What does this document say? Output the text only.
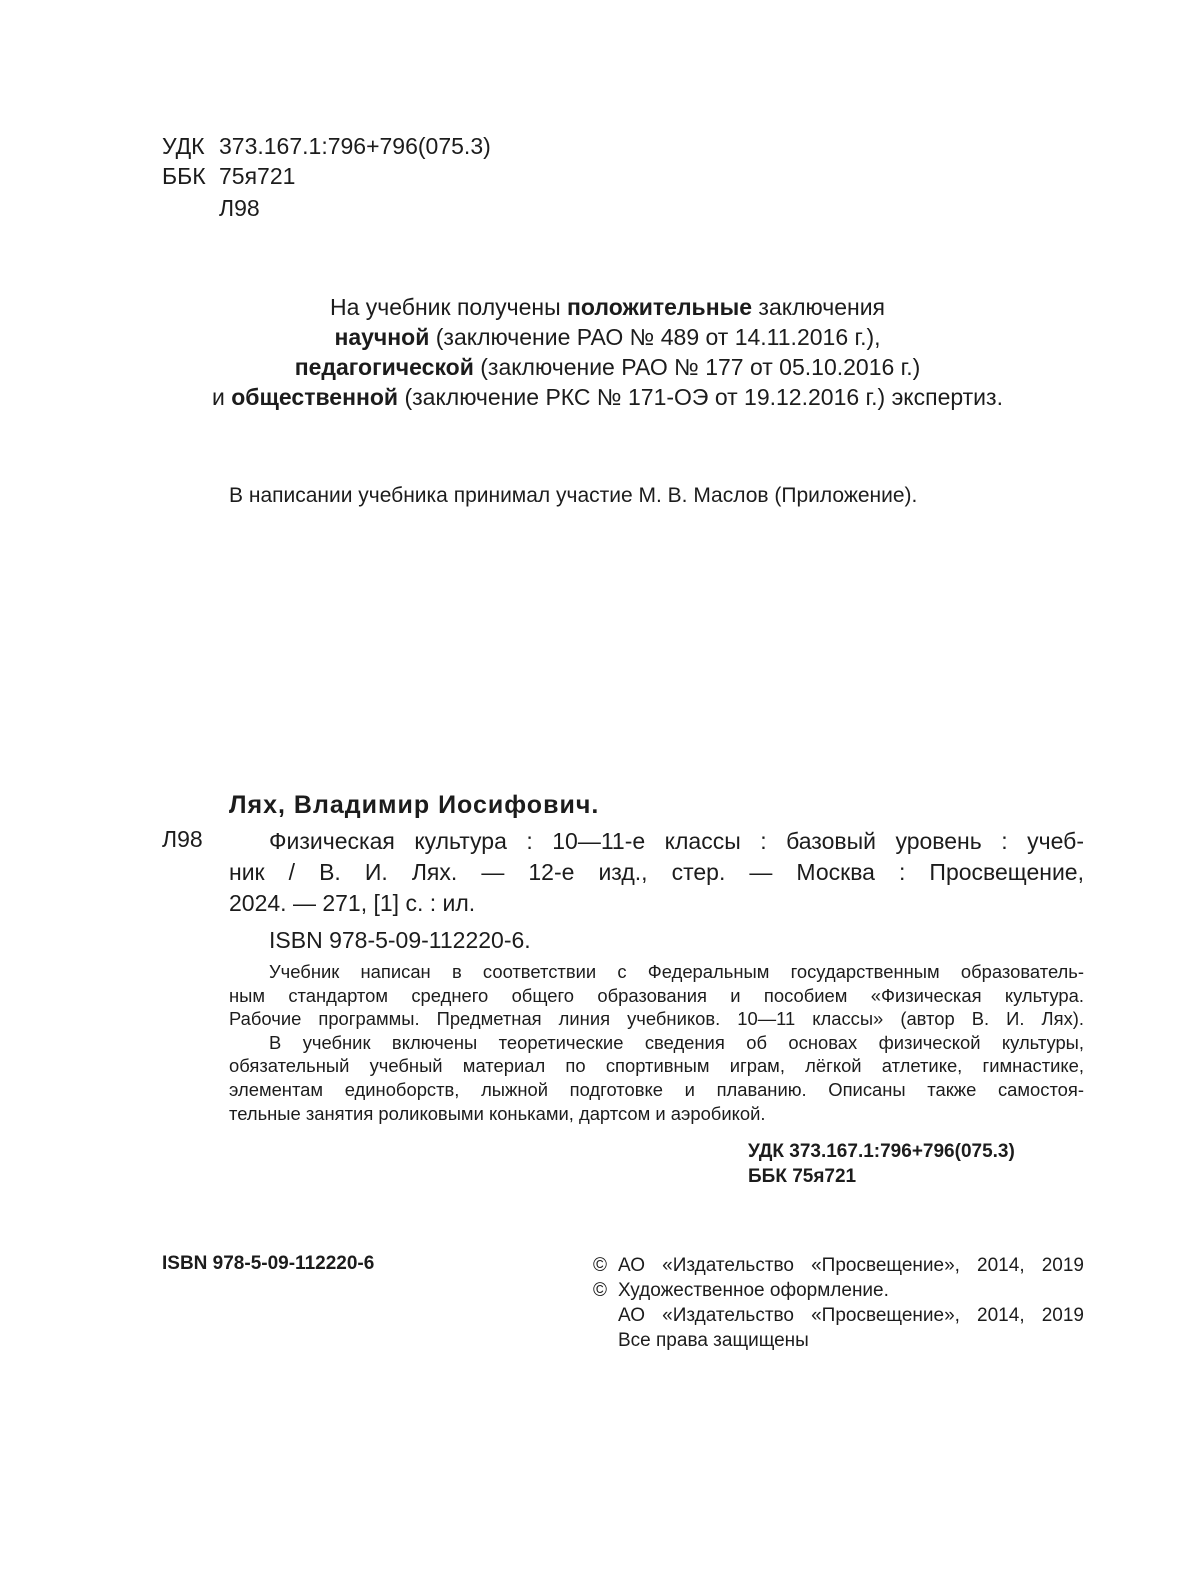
УДК 373.167.1:796+796(075.3)
ББК 75я721
Л98
На учебник получены положительные заключения
научной (заключение РАО № 489 от 14.11.2016 г.),
педагогической (заключение РАО № 177 от 05.10.2016 г.)
и общественной (заключение РКС № 171-ОЭ от 19.12.2016 г.) экспертиз.
В написании учебника принимал участие М. В. Маслов (Приложение).
Лях, Владимир Иосифович.
Л98	Физическая культура : 10—11-е классы : базовый уровень : учеб-
ник / В. И. Лях. — 12-е изд., стер. — Москва : Просвещение,
2024. — 271, [1] с. : ил.
ISBN 978-5-09-112220-6.
Учебник написан в соответствии с Федеральным государственным образователь-
ным стандартом среднего общего образования и пособием «Физическая культура.
Рабочие программы. Предметная линия учебников. 10—11 классы» (автор В. И. Лях).
В учебник включены теоретические сведения об основах физической культуры,
обязательный учебный материал по спортивным играм, лёгкой атлетике, гимнастике,
элементам единоборств, лыжной подготовке и плаванию. Описаны также самостоя-
тельные занятия роликовыми коньками, дартсом и аэробикой.
УДК 373.167.1:796+796(075.3)
ББК 75я721
ISBN 978-5-09-112220-6	© АО «Издательство «Просвещение», 2014, 2019
© Художественное оформление.
АО «Издательство «Просвещение», 2014, 2019
Все права защищены
